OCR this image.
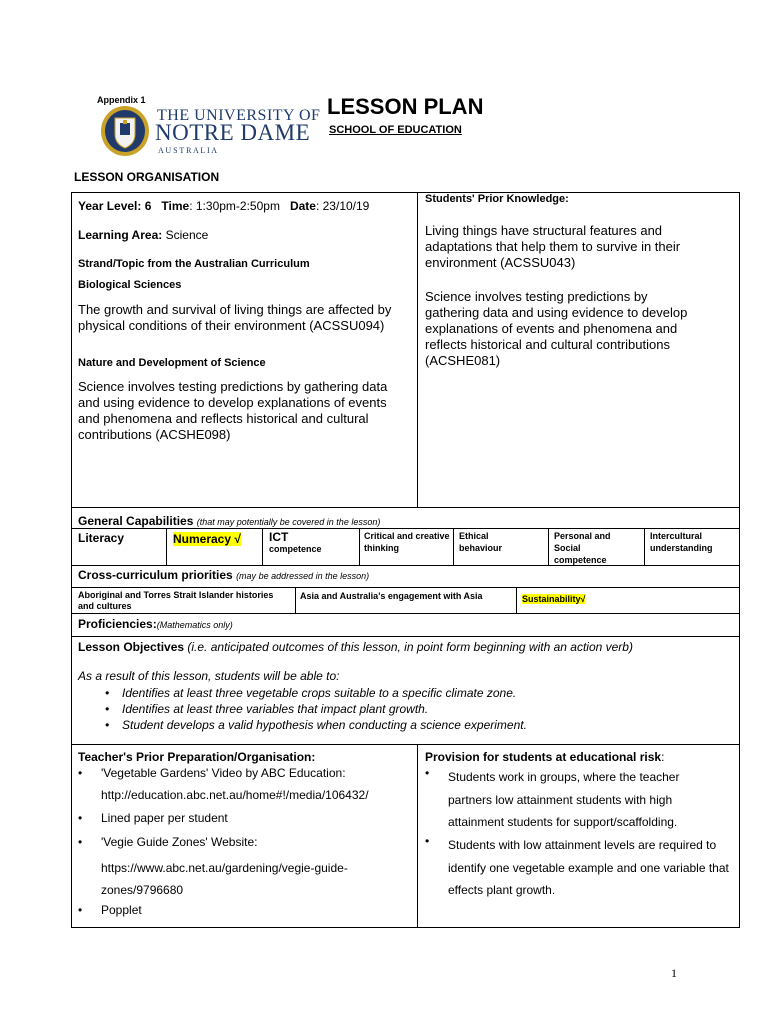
Appendix 1
THE UNIVERSITY OF
NOTRE DAME
A U S T R A L I A
LESSON PLAN
SCHOOL OF EDUCATION
LESSON ORGANISATION
Year Level: 6 Time: 1:30pm-2:50pm Date: 23/10/19
Learning Area: Science
Strand/Topic from the Australian Curriculum
Biological Sciences
The growth and survival of living things are affected by physical conditions of their environment (ACSSU094)
Nature and Development of Science
Science involves testing predictions by gathering data and using evidence to develop explanations of events and phenomena and reflects historical and cultural contributions (ACSHE098)
Students' Prior Knowledge:
Living things have structural features and adaptations that help them to survive in their environment (ACSSU043)
Science involves testing predictions by gathering data and using evidence to develop explanations of events and phenomena and reflects historical and cultural contributions (ACSHE081)
General Capabilities (that may potentially be covered in the lesson)
Literacy	Numeracy √ ICT
competence
Critical and creative thinking
Ethical behaviour
Personal and Social competence
Intercultural understanding
Cross-curriculum priorities (may be addressed in the lesson)
Aboriginal and Torres Strait Islander histories and cultures
Asia and Australia's engagement with Asia	Sustainability√
Proficiencies:(Mathematics only)
Lesson Objectives (i.e. anticipated outcomes of this lesson, in point form beginning with an action verb)
As a result of this lesson, students will be able to:
• Identifies at least three vegetable crops suitable to a specific climate zone.
• Identifies at least three variables that impact plant growth.
• Student develops a valid hypothesis when conducting a science experiment.
Teacher's Prior Preparation/Organisation:
• 'Vegetable Gardens' Video by ABC Education:
http://education.abc.net.au/home#!/media/106432/
• Lined paper per student
• 'Vegie Guide Zones' Website:
https://www.abc.net.au/gardening/vegie-guide-zones/9796680
• Popplet
Provision for students at educational risk:
• Students work in groups, where the teacher partners low attainment students with high attainment students for support/scaffolding.
• Students with low attainment levels are required to identify one vegetable example and one variable that effects plant growth.
1
